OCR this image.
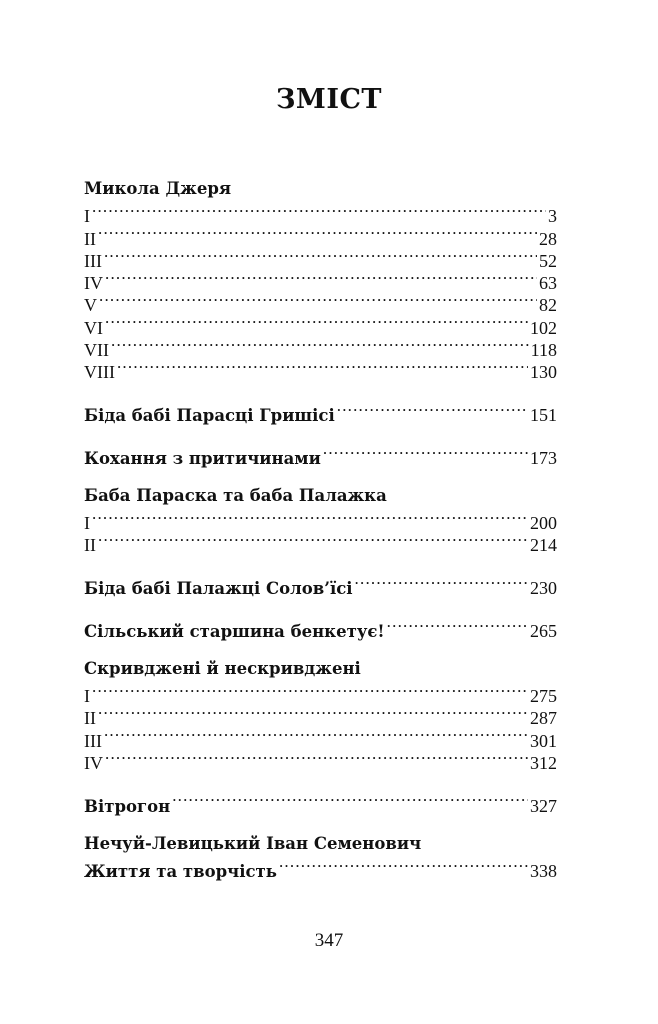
ЗМІСТ
Микола Джеря
I .....	3
II .....	28
III .....	52
IV .....	63
V .....	82
VI .....	102
VII .....	118
VIII .....	130
Біда бабі Парасці Гришісі .....	151
Кохання з притичинами .....	173
Баба Параска та баба Палажка
I .....	200
II .....	214
Біда бабі Палажці Солов’їсі .....	230
Сільський старшина бенкетує! .....	265
Скривджені й нескривджені
I .....	275
II .....	287
III .....	301
IV .....	312
Вітрогон .....	327
Нечуй-Левицький Іван Семенович
Життя та творчість .....	338
347
